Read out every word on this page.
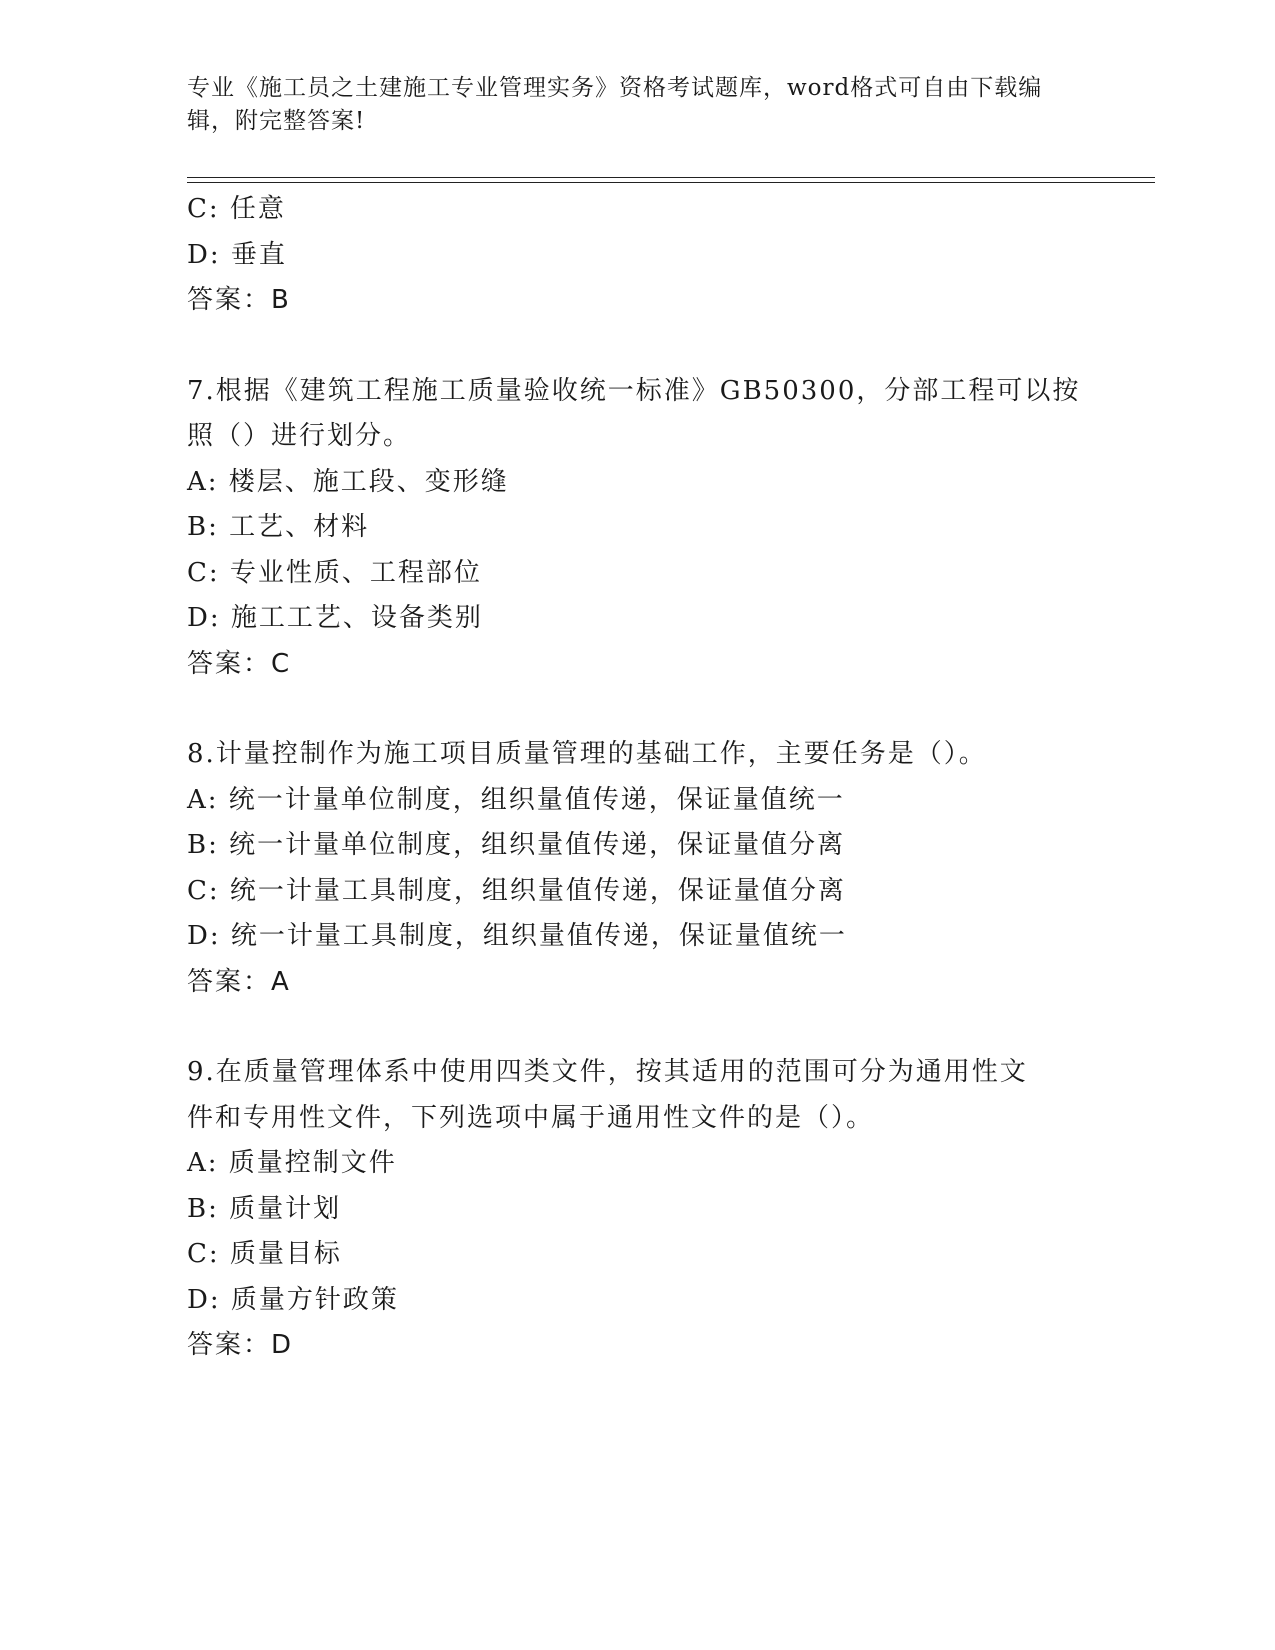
专业《施工员之土建施工专业管理实务》资格考试题库，word格式可自由下载编辑，附完整答案!
C: 任意
D: 垂直
答案：B
7.根据《建筑工程施工质量验收统一标准》GB50300，分部工程可以按
照（）进行划分。
A: 楼层、施工段、变形缝
B: 工艺、材料
C: 专业性质、工程部位
D: 施工工艺、设备类别
答案：C
8.计量控制作为施工项目质量管理的基础工作，主要任务是（）。
A: 统一计量单位制度，组织量值传递，保证量值统一
B: 统一计量单位制度，组织量值传递，保证量值分离
C: 统一计量工具制度，组织量值传递，保证量值分离
D: 统一计量工具制度，组织量值传递，保证量值统一
答案：A
9.在质量管理体系中使用四类文件，按其适用的范围可分为通用性文
件和专用性文件，下列选项中属于通用性文件的是（）。
A: 质量控制文件
B: 质量计划
C: 质量目标
D: 质量方针政策
答案：D
